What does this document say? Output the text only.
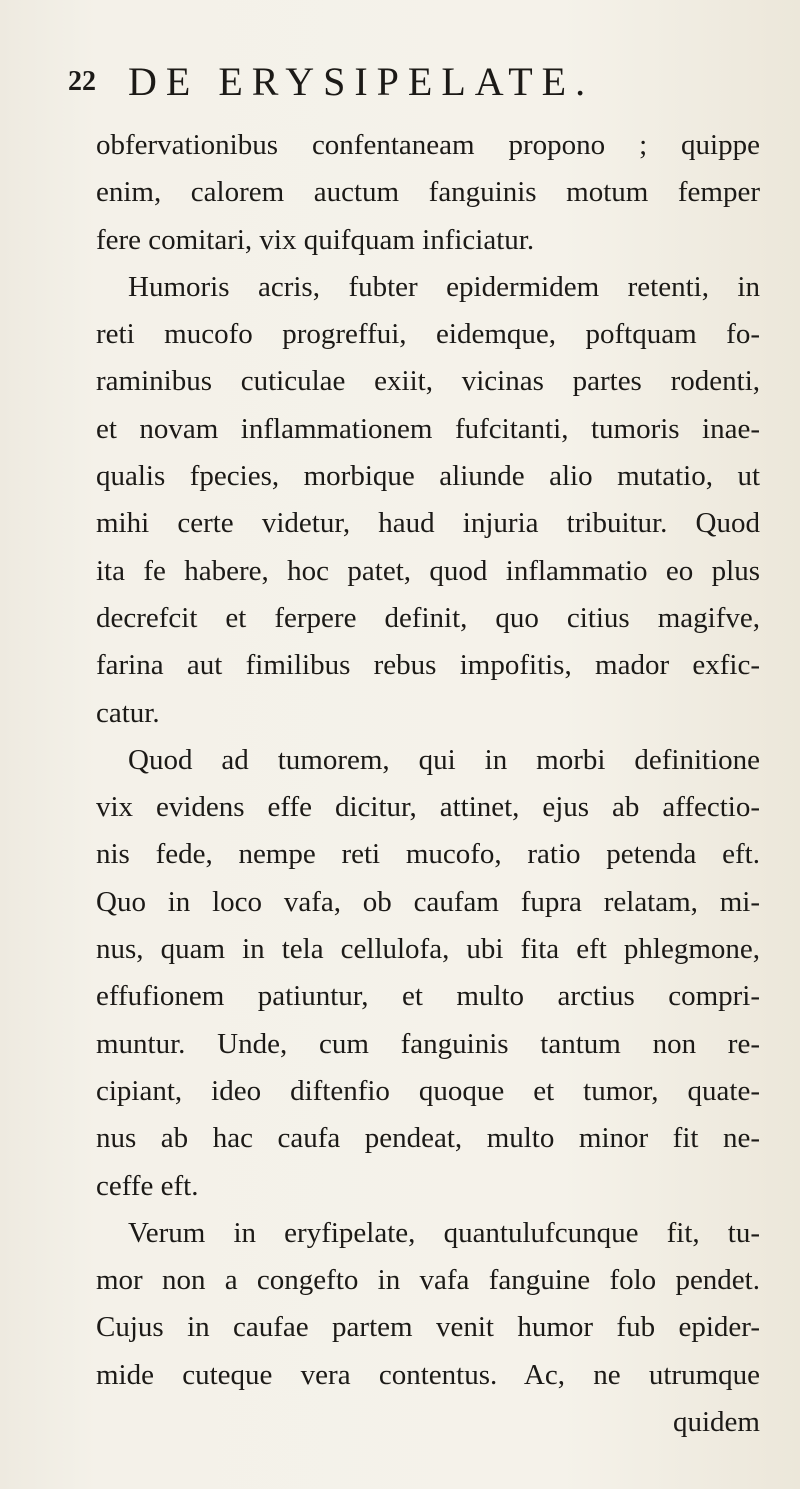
22 DE ERYSIPELATE.
obfervationibus confentaneam propono ; quippe
enim, calorem auctum fanguinis motum femper
fere comitari, vix quifquam inficiatur.
Humoris acris, fubter epidermidem retenti, in
reti mucofo progreffui, eidemque, poftquam fo-
raminibus cuticulae exiit, vicinas partes rodenti,
et novam inflammationem fufcitanti, tumoris inae-
qualis fpecies, morbique aliunde alio mutatio, ut
mihi certe videtur, haud injuria tribuitur. Quod
ita fe habere, hoc patet, quod inflammatio eo plus
decrefcit et ferpere definit, quo citius magifve,
farina aut fimilibus rebus impofitis, mador exfic-
catur.
Quod ad tumorem, qui in morbi definitione
vix evidens effe dicitur, attinet, ejus ab affectio-
nis fede, nempe reti mucofo, ratio petenda eft.
Quo in loco vafa, ob caufam fupra relatam, mi-
nus, quam in tela cellulofa, ubi fita eft phlegmone,
effufionem patiuntur, et multo arctius compri-
muntur. Unde, cum fanguinis tantum non re-
cipiant, ideo diftenfio quoque et tumor, quate-
nus ab hac caufa pendeat, multo minor fit ne-
ceffe eft.
Verum in eryfipelate, quantulufcunque fit, tu-
mor non a congefto in vafa fanguine folo pendet.
Cujus in caufae partem venit humor fub epider-
mide cuteque vera contentus. Ac, ne utrumque
quidem
